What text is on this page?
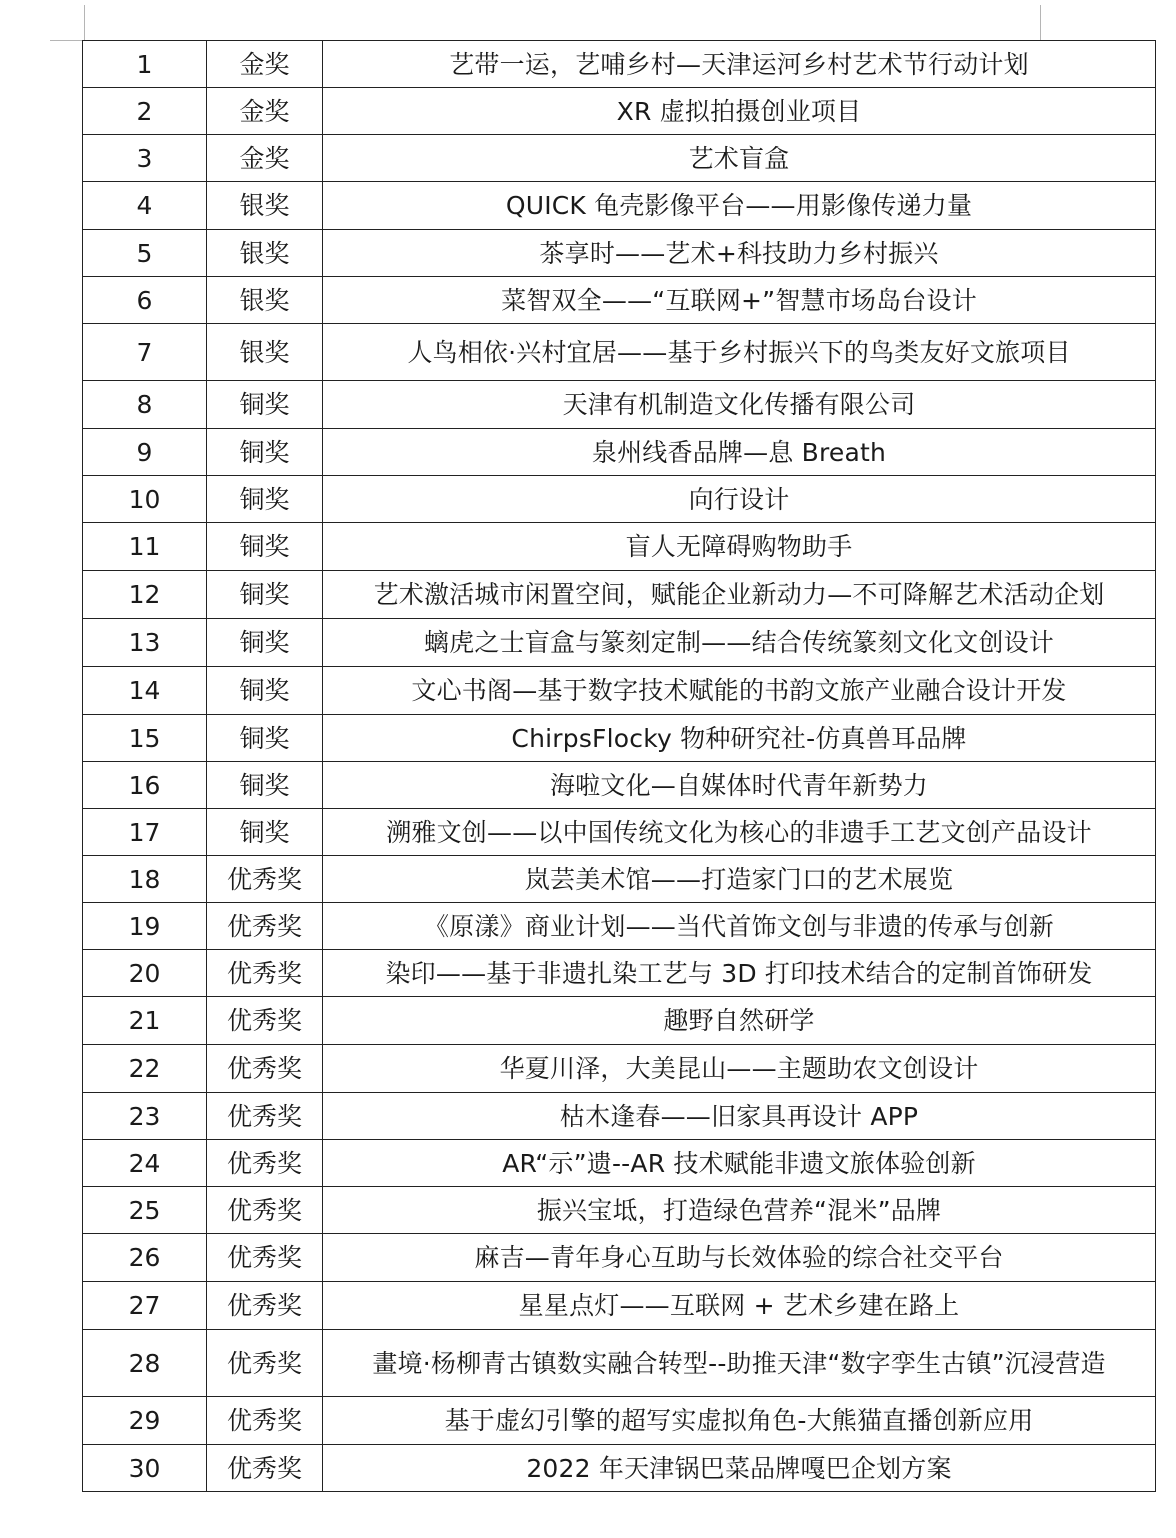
1	金奖	艺带一运，艺哺乡村—天津运河乡村艺术节行动计划
2	金奖	XR 虚拟拍摄创业项目
3	金奖	艺术盲盒
4	银奖	QUICK 龟壳影像平台——用影像传递力量
5	银奖	茶享时——艺术+科技助力乡村振兴
6	银奖	菜智双全——“互联网+”智慧市场岛台设计
7	银奖	人鸟相依·兴村宜居——基于乡村振兴下的鸟类友好文旅项目
8	铜奖	天津有机制造文化传播有限公司
9	铜奖	泉州线香品牌—息 Breath
10	铜奖	向行设计
11	铜奖	盲人无障碍购物助手
12	铜奖	艺术激活城市闲置空间，赋能企业新动力—不可降解艺术活动企划
13	铜奖	螭虎之士盲盒与篆刻定制——结合传统篆刻文化文创设计
14	铜奖	文心书阁—基于数字技术赋能的书韵文旅产业融合设计开发
15	铜奖	ChirpsFlocky 物种研究社-仿真兽耳品牌
16	铜奖	海啦文化—自媒体时代青年新势力
17	铜奖	溯雅文创——以中国传统文化为核心的非遗手工艺文创产品设计
18	优秀奖	岚芸美术馆——打造家门口的艺术展览
19	优秀奖	《原漾》商业计划——当代首饰文创与非遗的传承与创新
20	优秀奖	染印——基于非遗扎染工艺与 3D 打印技术结合的定制首饰研发
21	优秀奖	趣野自然研学
22	优秀奖	华夏川泽，大美昆山——主题助农文创设计
23	优秀奖	枯木逢春——旧家具再设计 APP
24	优秀奖	AR“示”遗--AR 技术赋能非遗文旅体验创新
25	优秀奖	振兴宝坻，打造绿色营养“混米”品牌
26	优秀奖	麻吉—青年身心互助与长效体验的综合社交平台
27	优秀奖	星星点灯——互联网 + 艺术乡建在路上
28	优秀奖	畫境·杨柳青古镇数实融合转型--助推天津“数字孪生古镇”沉浸营造
29	优秀奖	基于虚幻引擎的超写实虚拟角色-大熊猫直播创新应用
30	优秀奖	2022 年天津锅巴菜品牌嘎巴企划方案
